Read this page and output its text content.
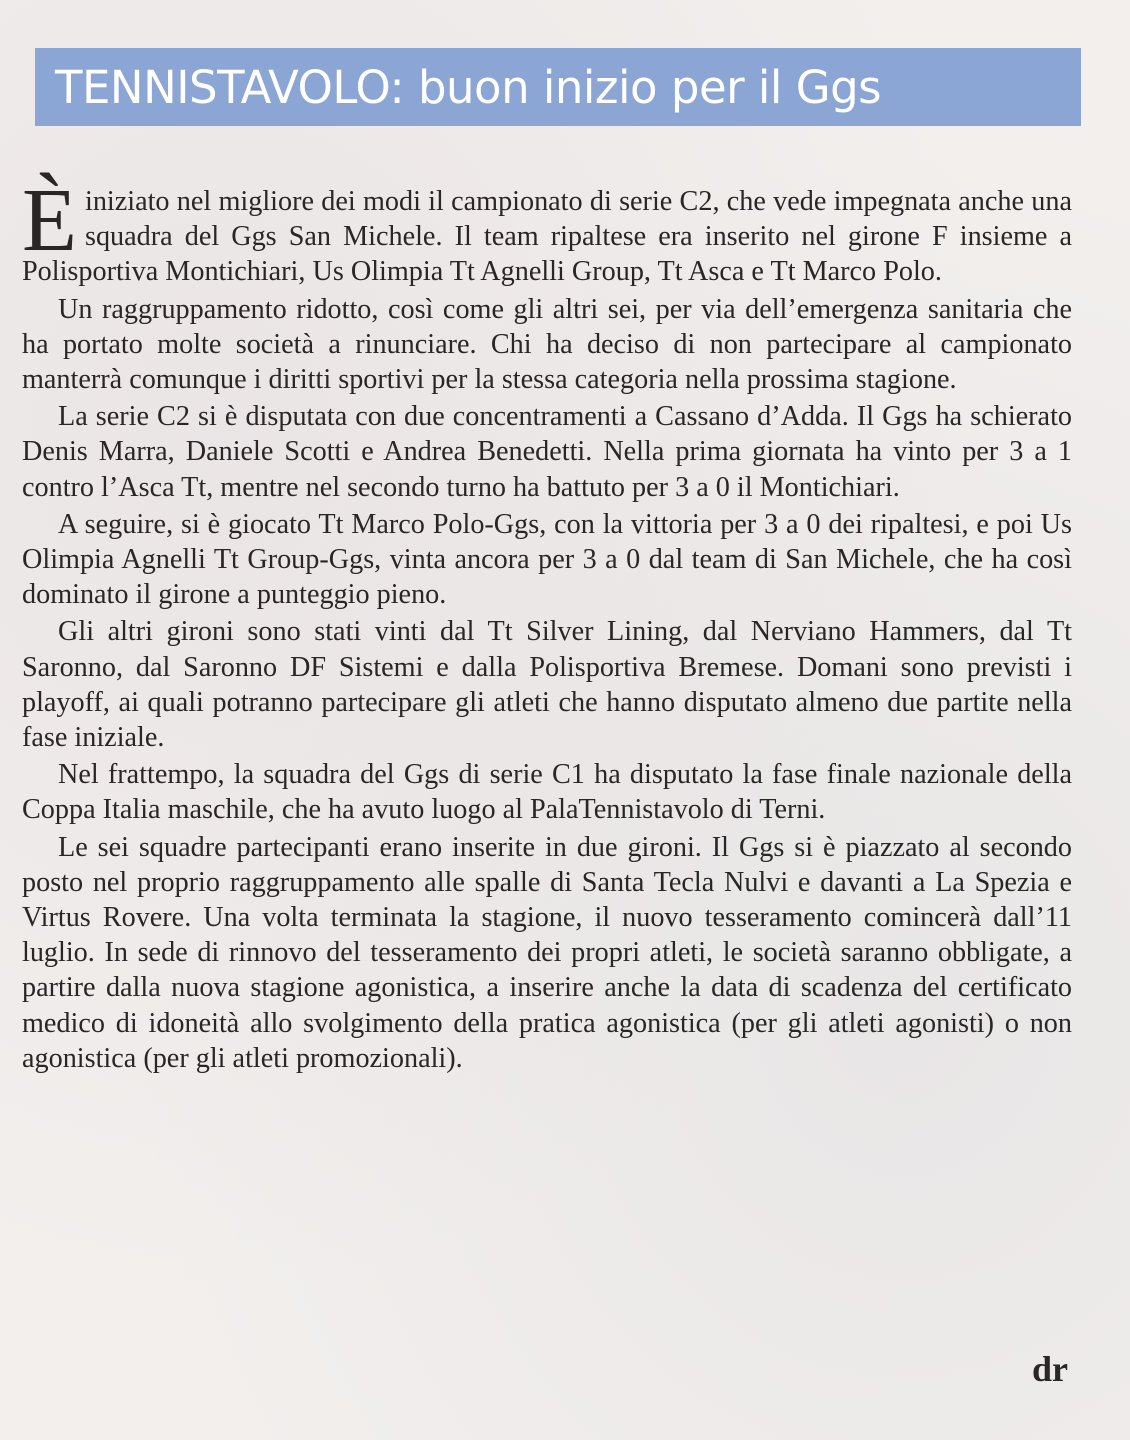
TENNISTAVOLO: buon inizio per il Ggs

Èiniziato nel migliore dei modi il campionato di serie C2, che vede impegnata anche una squadra del Ggs San Michele. Il team ripaltese era inserito nel girone F insieme a Polisportiva Montichiari, Us Olimpia Tt Agnelli Group, Tt Asca e Tt Marco Polo.

Un raggruppamento ridotto, così come gli altri sei, per via dell’emergenza sanitaria che ha portato molte società a rinunciare. Chi ha deciso di non partecipare al campionato manterrà comunque i diritti sportivi per la stessa categoria nella prossima stagione.

La serie C2 si è disputata con due concentramenti a Cassano d’Adda. Il Ggs ha schierato Denis Marra, Daniele Scotti e Andrea Benedetti. Nella prima giornata ha vinto per 3 a 1 contro l’Asca Tt, mentre nel secondo turno ha battuto per 3 a 0 il Montichiari.

A seguire, si è giocato Tt Marco Polo-Ggs, con la vittoria per 3 a 0 dei ripaltesi, e poi Us Olimpia Agnelli Tt Group-Ggs, vinta ancora per 3 a 0 dal team di San Michele, che ha così dominato il girone a punteggio pieno.

Gli altri gironi sono stati vinti dal Tt Silver Lining, dal Nerviano Hammers, dal Tt Saronno, dal Saronno DF Sistemi e dalla Polisportiva Bremese. Domani sono previsti i playoff, ai quali potranno partecipare gli atleti che hanno disputato almeno due partite nella fase iniziale.

Nel frattempo, la squadra del Ggs di serie C1 ha disputato la fase finale nazionale della Coppa Italia maschile, che ha avuto luogo al PalaTennistavolo di Terni.

Le sei squadre partecipanti erano inserite in due gironi. Il Ggs si è piazzato al secondo posto nel proprio raggruppamento alle spalle di Santa Tecla Nulvi e davanti a La Spezia e Virtus Rovere. Una volta terminata la stagione, il nuovo tesseramento comincerà dall’11 luglio. In sede di rinnovo del tesseramento dei propri atleti, le società saranno obbligate, a partire dalla nuova stagione agonistica, a inserire anche la data di scadenza del certificato medico di idoneità allo svolgimento della pratica agonistica (per gli atleti agonisti) o non agonistica (per gli atleti promozionali).

dr
